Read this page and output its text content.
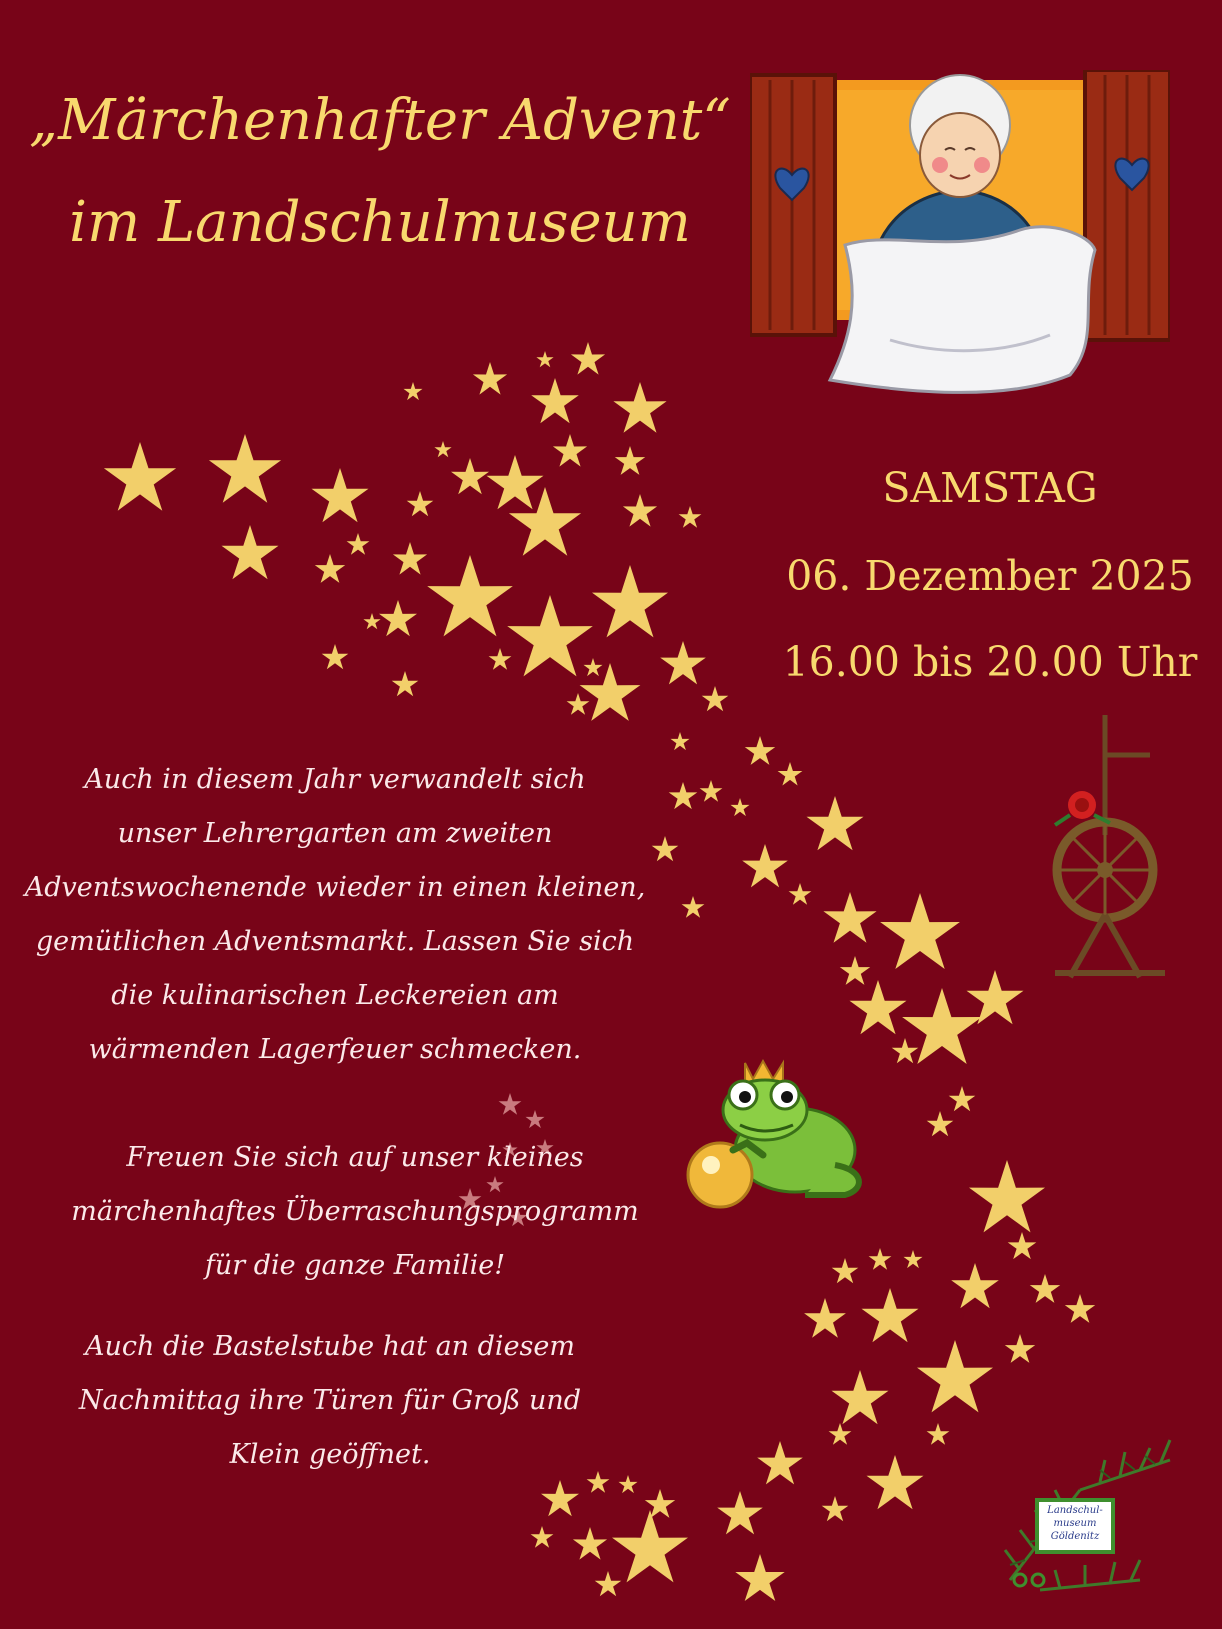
„Märchenhafter Advent“
im Landschulmuseum
SAMSTAG
06. Dezember 2025
16.00 bis 20.00 Uhr
Auch in diesem Jahr verwandelt sich
unser Lehrergarten am zweiten
Adventswochenende wieder in einen kleinen,
gemütlichen Adventsmarkt. Lassen Sie sich
die kulinarischen Leckereien am
wärmenden Lagerfeuer schmecken.
Freuen Sie sich auf unser kleines
märchenhaftes Überraschungsprogramm
für die ganze Familie!
Auch die Bastelstube hat an diesem
Nachmittag ihre Türen für Groß und
Klein geöffnet.
Landschul-
museum
Göldenitz
